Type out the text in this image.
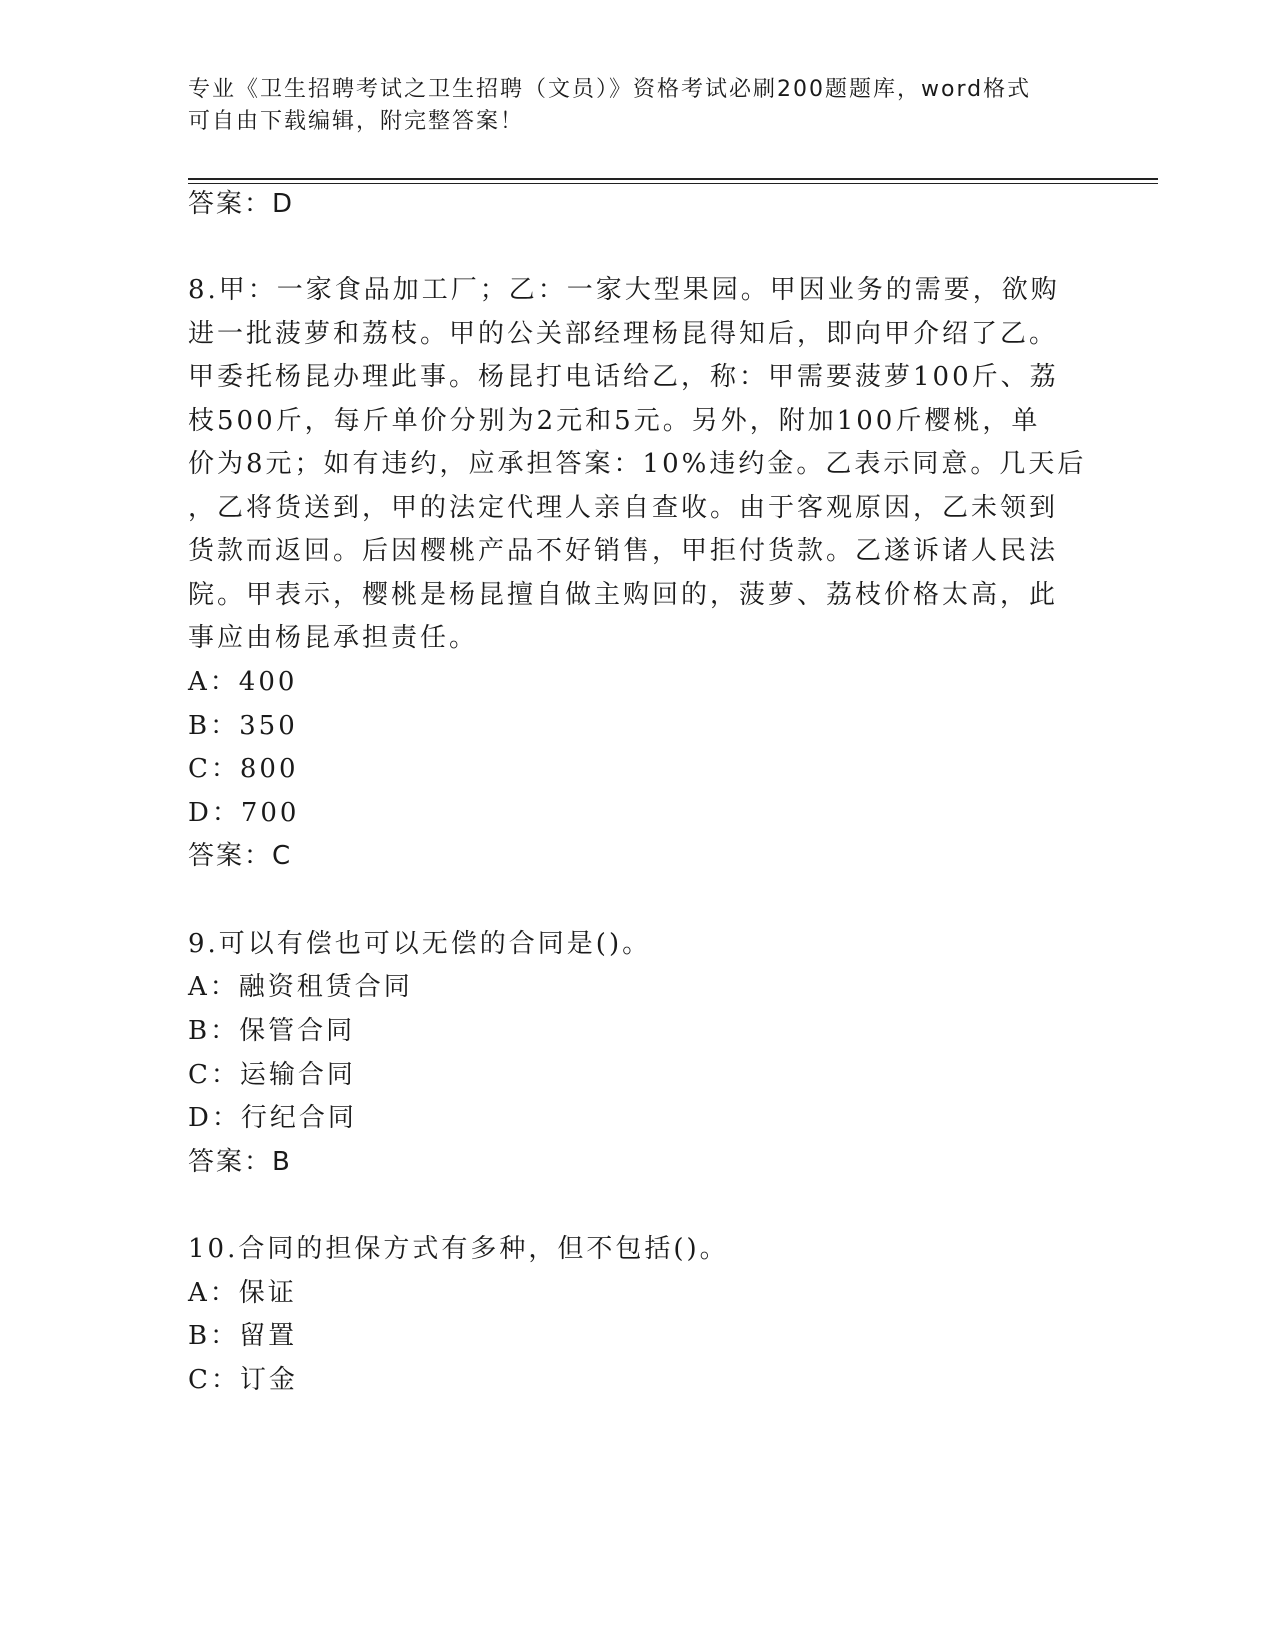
专业《卫生招聘考试之卫生招聘（文员）》资格考试必刷200题题库，word格式
可自由下载编辑，附完整答案！
答案：D
8.甲：一家食品加工厂；乙：一家大型果园。甲因业务的需要，欲购
进一批菠萝和荔枝。甲的公关部经理杨昆得知后，即向甲介绍了乙。
甲委托杨昆办理此事。杨昆打电话给乙，称：甲需要菠萝100斤、荔
枝500斤，每斤单价分别为2元和5元。另外，附加100斤樱桃，单
价为8元；如有违约，应承担答案：10%违约金。乙表示同意。几天后
，乙将货送到，甲的法定代理人亲自查收。由于客观原因，乙未领到
货款而返回。后因樱桃产品不好销售，甲拒付货款。乙遂诉诸人民法
院。甲表示，樱桃是杨昆擅自做主购回的，菠萝、荔枝价格太高，此
事应由杨昆承担责任。
A：400
B：350
C：800
D：700
答案：C
9.可以有偿也可以无偿的合同是()。
A：融资租赁合同
B：保管合同
C：运输合同
D：行纪合同
答案：B
10.合同的担保方式有多种，但不包括()。
A：保证
B：留置
C：订金
